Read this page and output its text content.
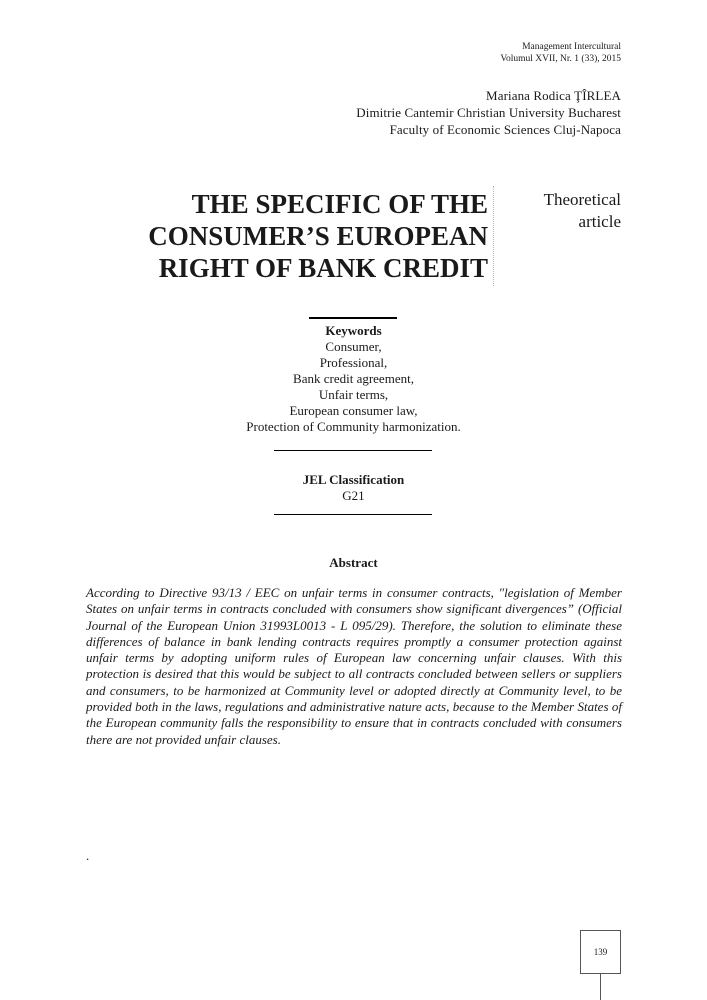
Management Intercultural
Volumul XVII, Nr. 1 (33), 2015
Mariana Rodica ŢÎRLEA
Dimitrie Cantemir Christian University Bucharest
Faculty of Economic Sciences Cluj-Napoca
THE SPECIFIC OF THE
CONSUMER’S EUROPEAN
RIGHT OF BANK CREDIT
Theoretical
article
Keywords
Consumer,
Professional,
Bank credit agreement,
Unfair terms,
European consumer law,
Protection of Community harmonization.
JEL Classification
G21
Abstract

According to Directive 93/13 / EEC on unfair terms in consumer contracts, "legislation of Member States on unfair terms in contracts concluded with consumers show significant divergences” (Official Journal of the European Union 31993L0013 - L 095/29). Therefore, the solution to eliminate these differences of balance in bank lending contracts requires promptly a consumer protection against unfair terms by adopting uniform rules of European law concerning unfair clauses. With this protection is desired that this would be subject to all contracts concluded between sellers or suppliers and consumers, to be harmonized at Community level or adopted directly at Community level, to be provided both in the laws, regulations and administrative nature acts, because to the Member States of the European community falls the responsibility to ensure that in contracts concluded with consumers there are not provided unfair clauses.

.
139
